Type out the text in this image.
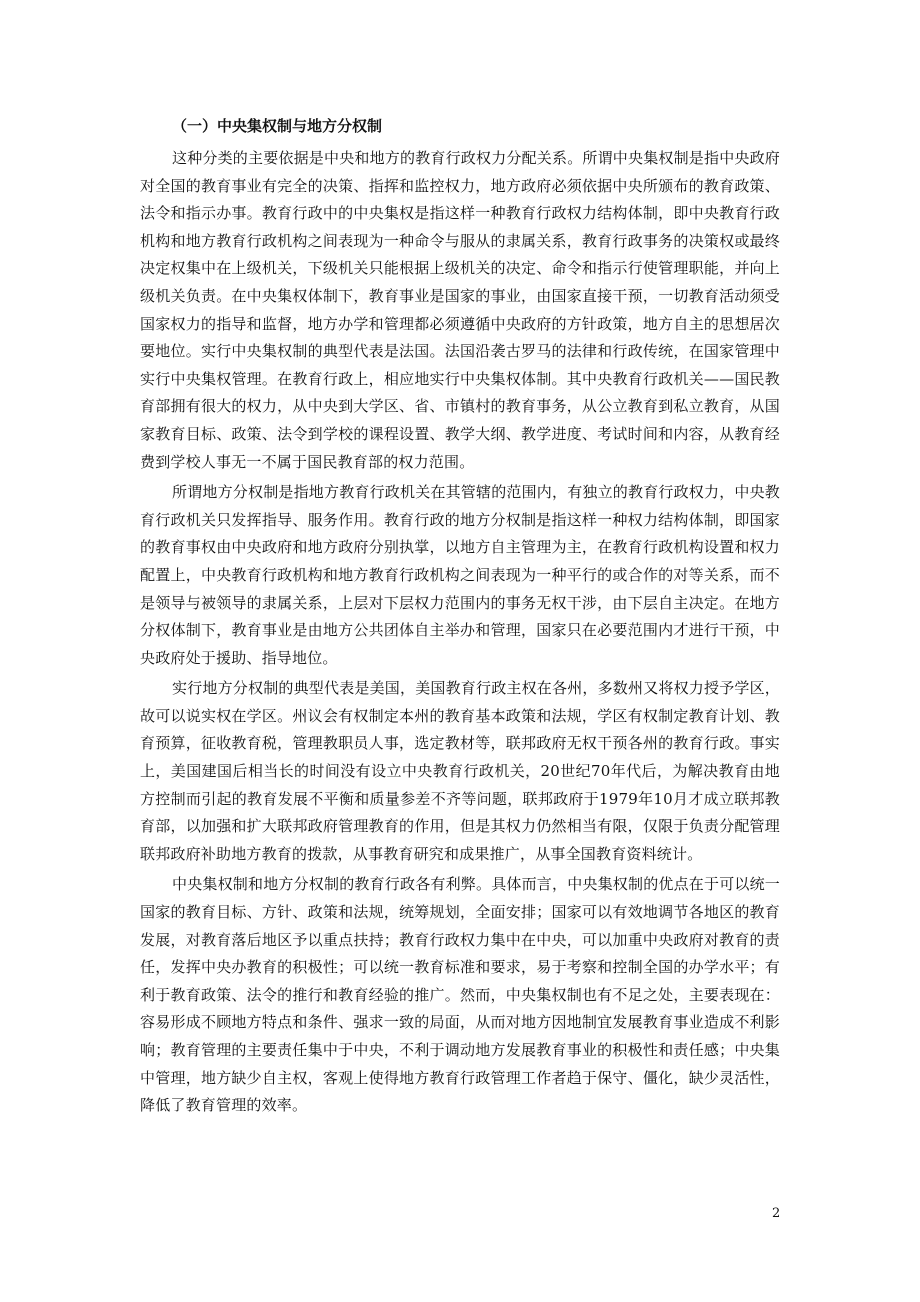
（一）中央集权制与地方分权制

这种分类的主要依据是中央和地方的教育行政权力分配关系。所谓中央集权制是指中央政府对全国的教育事业有完全的决策、指挥和监控权力，地方政府必须依据中央所颁布的教育政策、法令和指示办事。教育行政中的中央集权是指这样一种教育行政权力结构体制，即中央教育行政机构和地方教育行政机构之间表现为一种命令与服从的隶属关系，教育行政事务的决策权或最终决定权集中在上级机关，下级机关只能根据上级机关的决定、命令和指示行使管理职能，并向上级机关负责。在中央集权体制下，教育事业是国家的事业，由国家直接干预，一切教育活动须受国家权力的指导和监督，地方办学和管理都必须遵循中央政府的方针政策，地方自主的思想居次要地位。实行中央集权制的典型代表是法国。法国沿袭古罗马的法律和行政传统，在国家管理中实行中央集权管理。在教育行政上，相应地实行中央集权体制。其中央教育行政机关——国民教育部拥有很大的权力，从中央到大学区、省、市镇村的教育事务，从公立教育到私立教育，从国家教育目标、政策、法令到学校的课程设置、教学大纲、教学进度、考试时间和内容，从教育经费到学校人事无一不属于国民教育部的权力范围。

所谓地方分权制是指地方教育行政机关在其管辖的范围内，有独立的教育行政权力，中央教育行政机关只发挥指导、服务作用。教育行政的地方分权制是指这样一种权力结构体制，即国家的教育事权由中央政府和地方政府分别执掌，以地方自主管理为主，在教育行政机构设置和权力配置上，中央教育行政机构和地方教育行政机构之间表现为一种平行的或合作的对等关系，而不是领导与被领导的隶属关系，上层对下层权力范围内的事务无权干涉，由下层自主决定。在地方分权体制下，教育事业是由地方公共团体自主举办和管理，国家只在必要范围内才进行干预，中央政府处于援助、指导地位。

实行地方分权制的典型代表是美国，美国教育行政主权在各州，多数州又将权力授予学区，故可以说实权在学区。州议会有权制定本州的教育基本政策和法规，学区有权制定教育计划、教育预算，征收教育税，管理教职员人事，选定教材等，联邦政府无权干预各州的教育行政。事实上，美国建国后相当长的时间没有设立中央教育行政机关，20世纪70年代后，为解决教育由地方控制而引起的教育发展不平衡和质量参差不齐等问题，联邦政府于1979年10月才成立联邦教育部，以加强和扩大联邦政府管理教育的作用，但是其权力仍然相当有限，仅限于负责分配管理联邦政府补助地方教育的拨款，从事教育研究和成果推广，从事全国教育资料统计。

中央集权制和地方分权制的教育行政各有利弊。具体而言，中央集权制的优点在于可以统一国家的教育目标、方针、政策和法规，统筹规划，全面安排；国家可以有效地调节各地区的教育发展，对教育落后地区予以重点扶持；教育行政权力集中在中央，可以加重中央政府对教育的责任，发挥中央办教育的积极性；可以统一教育标准和要求，易于考察和控制全国的办学水平；有利于教育政策、法令的推行和教育经验的推广。然而，中央集权制也有不足之处，主要表现在：容易形成不顾地方特点和条件、强求一致的局面，从而对地方因地制宜发展教育事业造成不利影响；教育管理的主要责任集中于中央，不利于调动地方发展教育事业的积极性和责任感；中央集中管理，地方缺少自主权，客观上使得地方教育行政管理工作者趋于保守、僵化，缺少灵活性，降低了教育管理的效率。

2
